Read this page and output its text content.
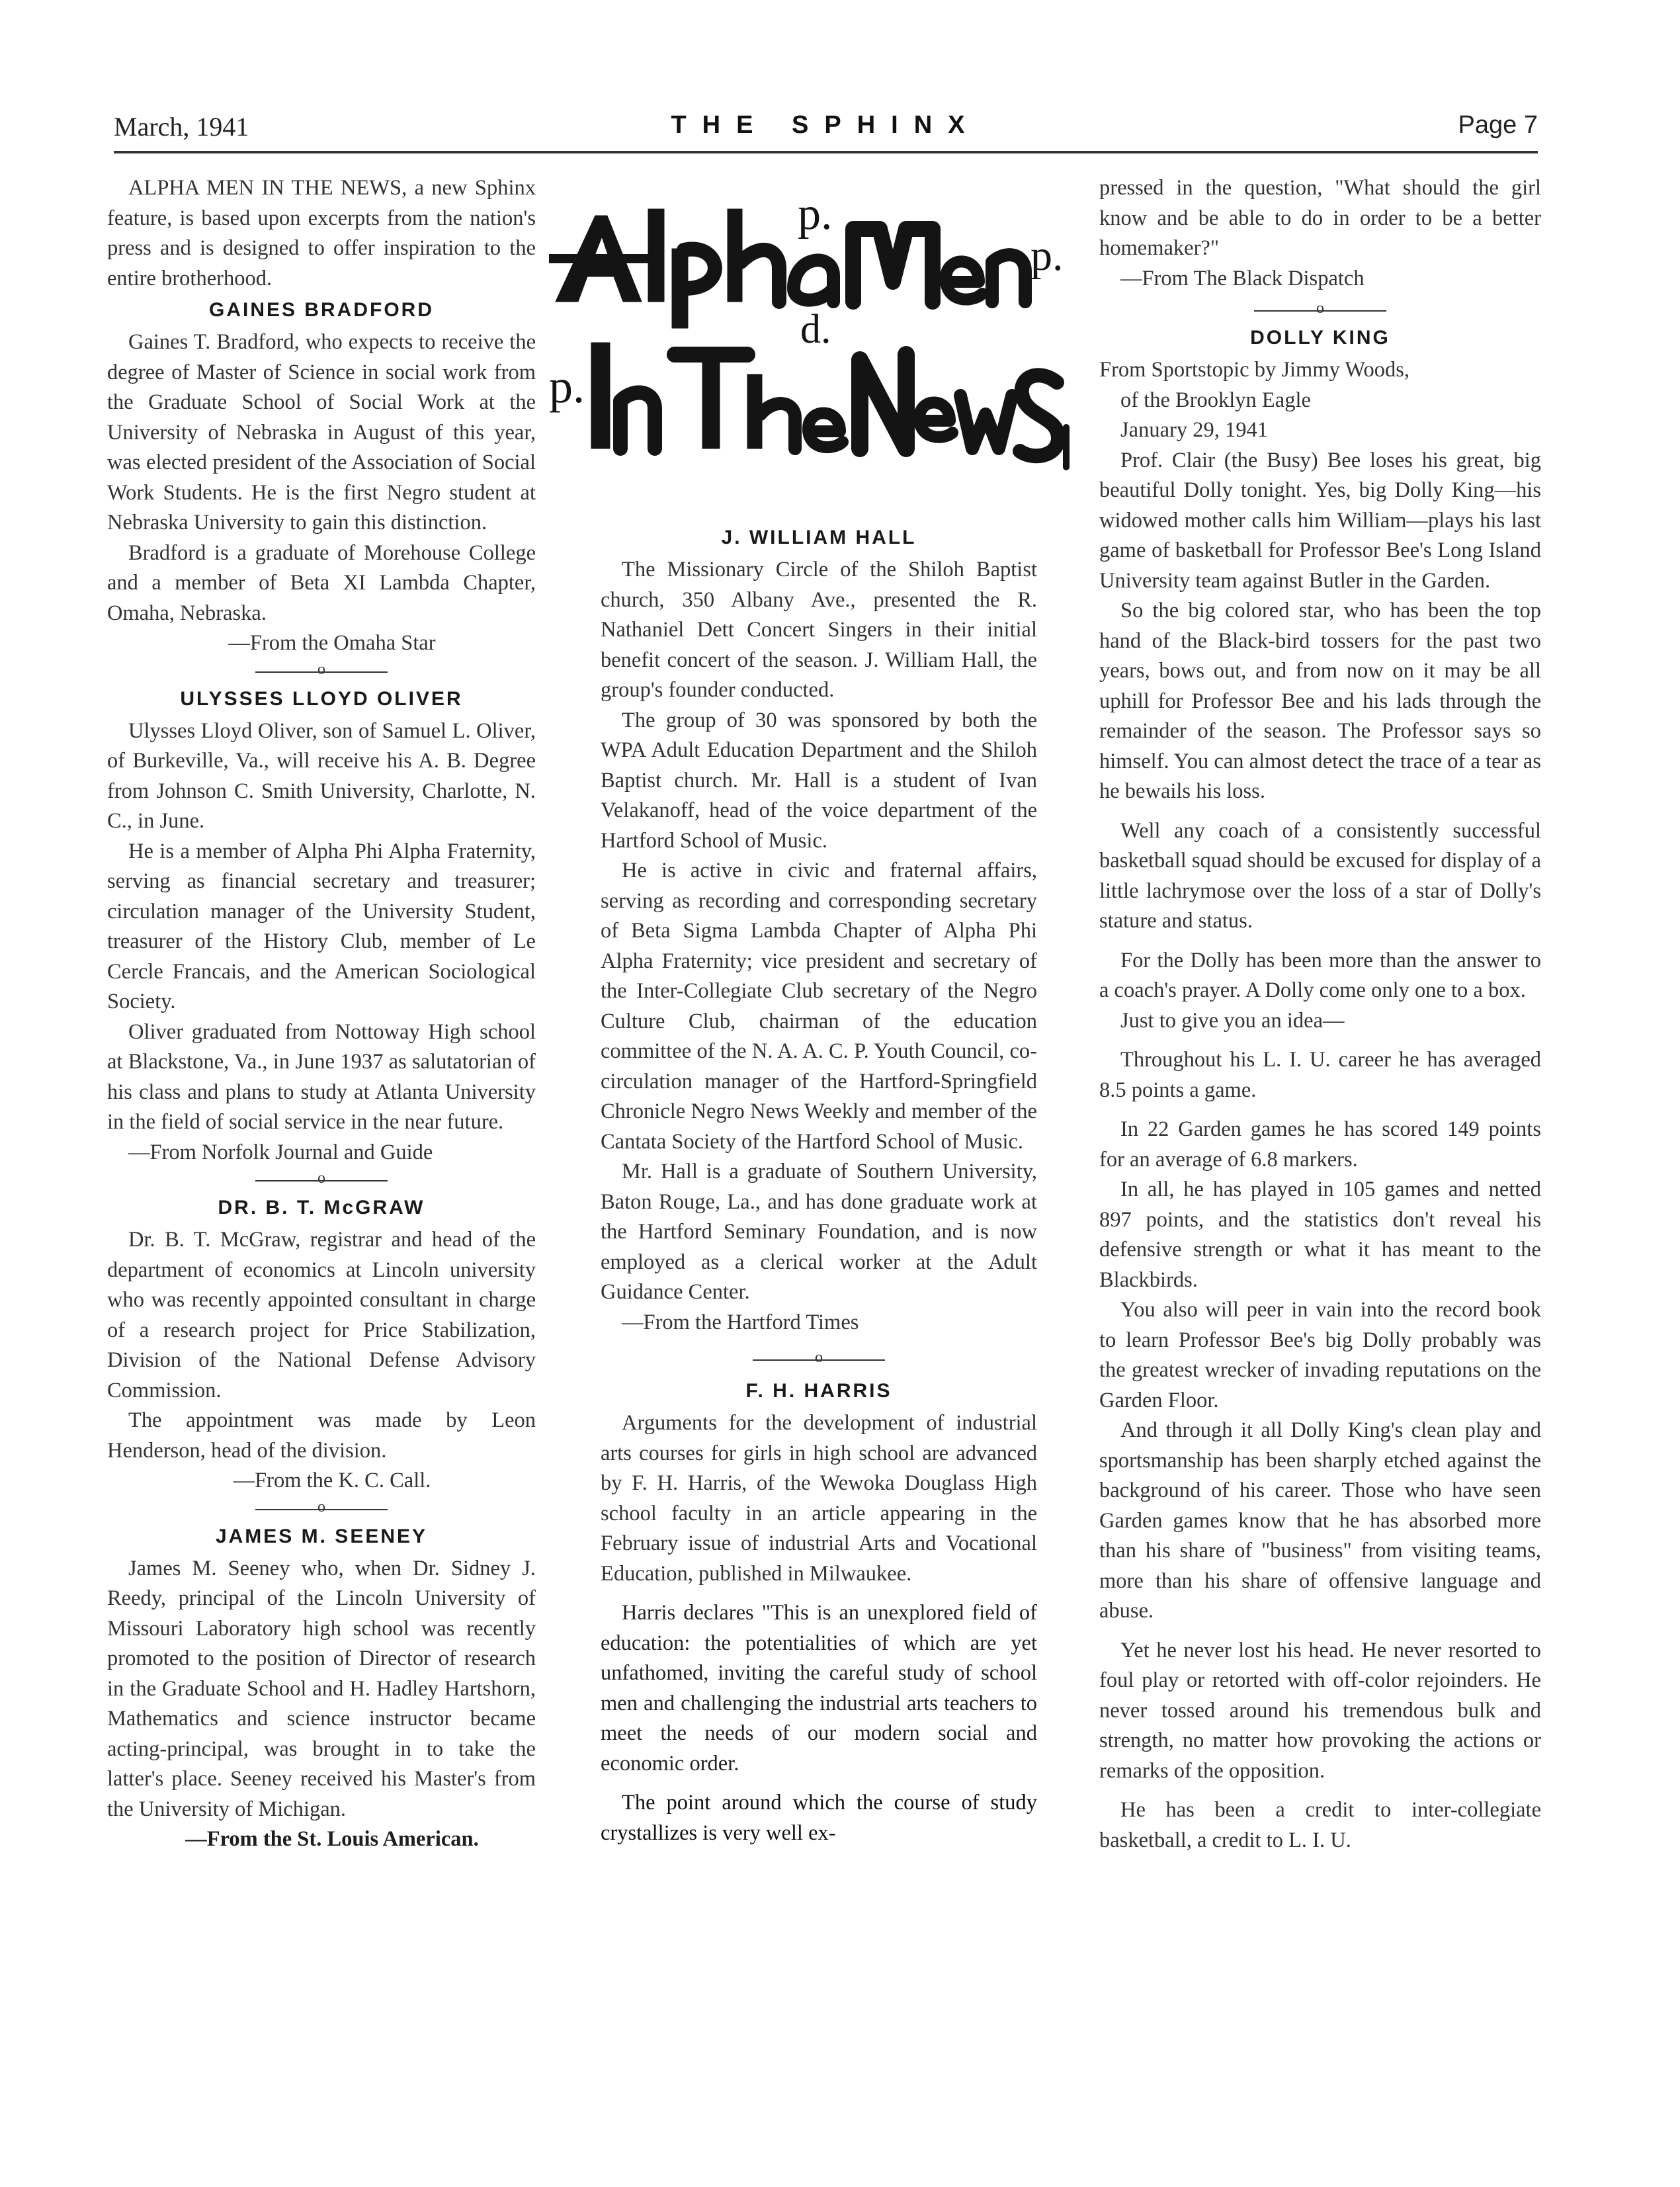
March, 1941	THE SPHINX	Page 7

ALPHA MEN IN THE NEWS, a new Sphinx feature, is based upon excerpts from the nation's press and is designed to offer inspiration to the entire brotherhood.

GAINES BRADFORD

Gaines T. Bradford, who expects to receive the degree of Master of Science in social work from the Graduate School of Social Work at the University of Nebraska in August of this year, was elected president of the Association of Social Work Students. He is the first Negro student at Nebraska University to gain this distinction.

Bradford is a graduate of Morehouse College and a member of Beta XI Lambda Chapter, Omaha, Nebraska.

—From the Omaha Star

o
ULYSSES LLOYD OLIVER

Ulysses Lloyd Oliver, son of Samuel L. Oliver, of Burkeville, Va., will receive his A. B. Degree from Johnson C. Smith University, Charlotte, N. C., in June.

He is a member of Alpha Phi Alpha Fraternity, serving as financial secretary and treasurer; circulation manager of the University Student, treasurer of the History Club, member of Le Cercle Francais, and the American Sociological Society.

Oliver graduated from Nottoway High school at Blackstone, Va., in June 1937 as salutatorian of his class and plans to study at Atlanta University in the field of social service in the near future.

—From Norfolk Journal and Guide

o
DR. B. T. McGRAW

Dr. B. T. McGraw, registrar and head of the department of economics at Lincoln university who was recently appointed consultant in charge of a research project for Price Stabilization, Division of the National Defense Advisory Commission.

The appointment was made by Leon Henderson, head of the division.

—From the K. C. Call.

o
JAMES M. SEENEY

James M. Seeney who, when Dr. Sidney J. Reedy, principal of the Lincoln University of Missouri Laboratory high school was recently promoted to the position of Director of research in the Graduate School and H. Hadley Hartshorn, Mathematics and science instructor became acting-principal, was brought in to take the latter's place. Seeney received his Master's from the University of Michigan.

—From the St. Louis American.

p.
p.
d.
p.
J. WILLIAM HALL

The Missionary Circle of the Shiloh Baptist church, 350 Albany Ave., presented the R. Nathaniel Dett Concert Singers in their initial benefit concert of the season. J. William Hall, the group's founder conducted.

The group of 30 was sponsored by both the WPA Adult Education Department and the Shiloh Baptist church. Mr. Hall is a student of Ivan Velakanoff, head of the voice department of the Hartford School of Music.

He is active in civic and fraternal affairs, serving as recording and corresponding secretary of Beta Sigma Lambda Chapter of Alpha Phi Alpha Fraternity; vice president and secretary of the Inter-Collegiate Club secretary of the Negro Culture Club, chairman of the education committee of the N. A. A. C. P. Youth Council, co-circulation manager of the Hartford-Springfield Chronicle Negro News Weekly and member of the Cantata Society of the Hartford School of Music.

Mr. Hall is a graduate of Southern University, Baton Rouge, La., and has done graduate work at the Hartford Seminary Foundation, and is now employed as a clerical worker at the Adult Guidance Center.

—From the Hartford Times

o
F. H. HARRIS

Arguments for the development of industrial arts courses for girls in high school are advanced by F. H. Harris, of the Wewoka Douglass High school faculty in an article appearing in the February issue of industrial Arts and Vocational Education, published in Milwaukee.

Harris declares "This is an unexplored field of education: the potentialities of which are yet unfathomed, inviting the careful study of school men and challenging the industrial arts teachers to meet the needs of our modern social and economic order.

The point around which the course of study crystallizes is very well ex-

pressed in the question, "What should the girl know and be able to do in order to be a better homemaker?"

—From The Black Dispatch

o
DOLLY KING

From Sportstopic by Jimmy Woods,

of the Brooklyn Eagle

January 29, 1941

Prof. Clair (the Busy) Bee loses his great, big beautiful Dolly tonight. Yes, big Dolly King—his widowed mother calls him William—plays his last game of basketball for Professor Bee's Long Island University team against Butler in the Garden.

So the big colored star, who has been the top hand of the Black-bird tossers for the past two years, bows out, and from now on it may be all uphill for Professor Bee and his lads through the remainder of the season. The Professor says so himself. You can almost detect the trace of a tear as he bewails his loss.

Well any coach of a consistently successful basketball squad should be excused for display of a little lachrymose over the loss of a star of Dolly's stature and status.

For the Dolly has been more than the answer to a coach's prayer. A Dolly come only one to a box.

Just to give you an idea—

Throughout his L. I. U. career he has averaged 8.5 points a game.

In 22 Garden games he has scored 149 points for an average of 6.8 markers.

In all, he has played in 105 games and netted 897 points, and the statistics don't reveal his defensive strength or what it has meant to the Blackbirds.

You also will peer in vain into the record book to learn Professor Bee's big Dolly probably was the greatest wrecker of invading reputations on the Garden Floor.

And through it all Dolly King's clean play and sportsmanship has been sharply etched against the background of his career. Those who have seen Garden games know that he has absorbed more than his share of "business" from visiting teams, more than his share of offensive language and abuse.

Yet he never lost his head. He never resorted to foul play or retorted with off-color rejoinders. He never tossed around his tremendous bulk and strength, no matter how provoking the actions or remarks of the opposition.

He has been a credit to inter-collegiate basketball, a credit to L. I. U.
